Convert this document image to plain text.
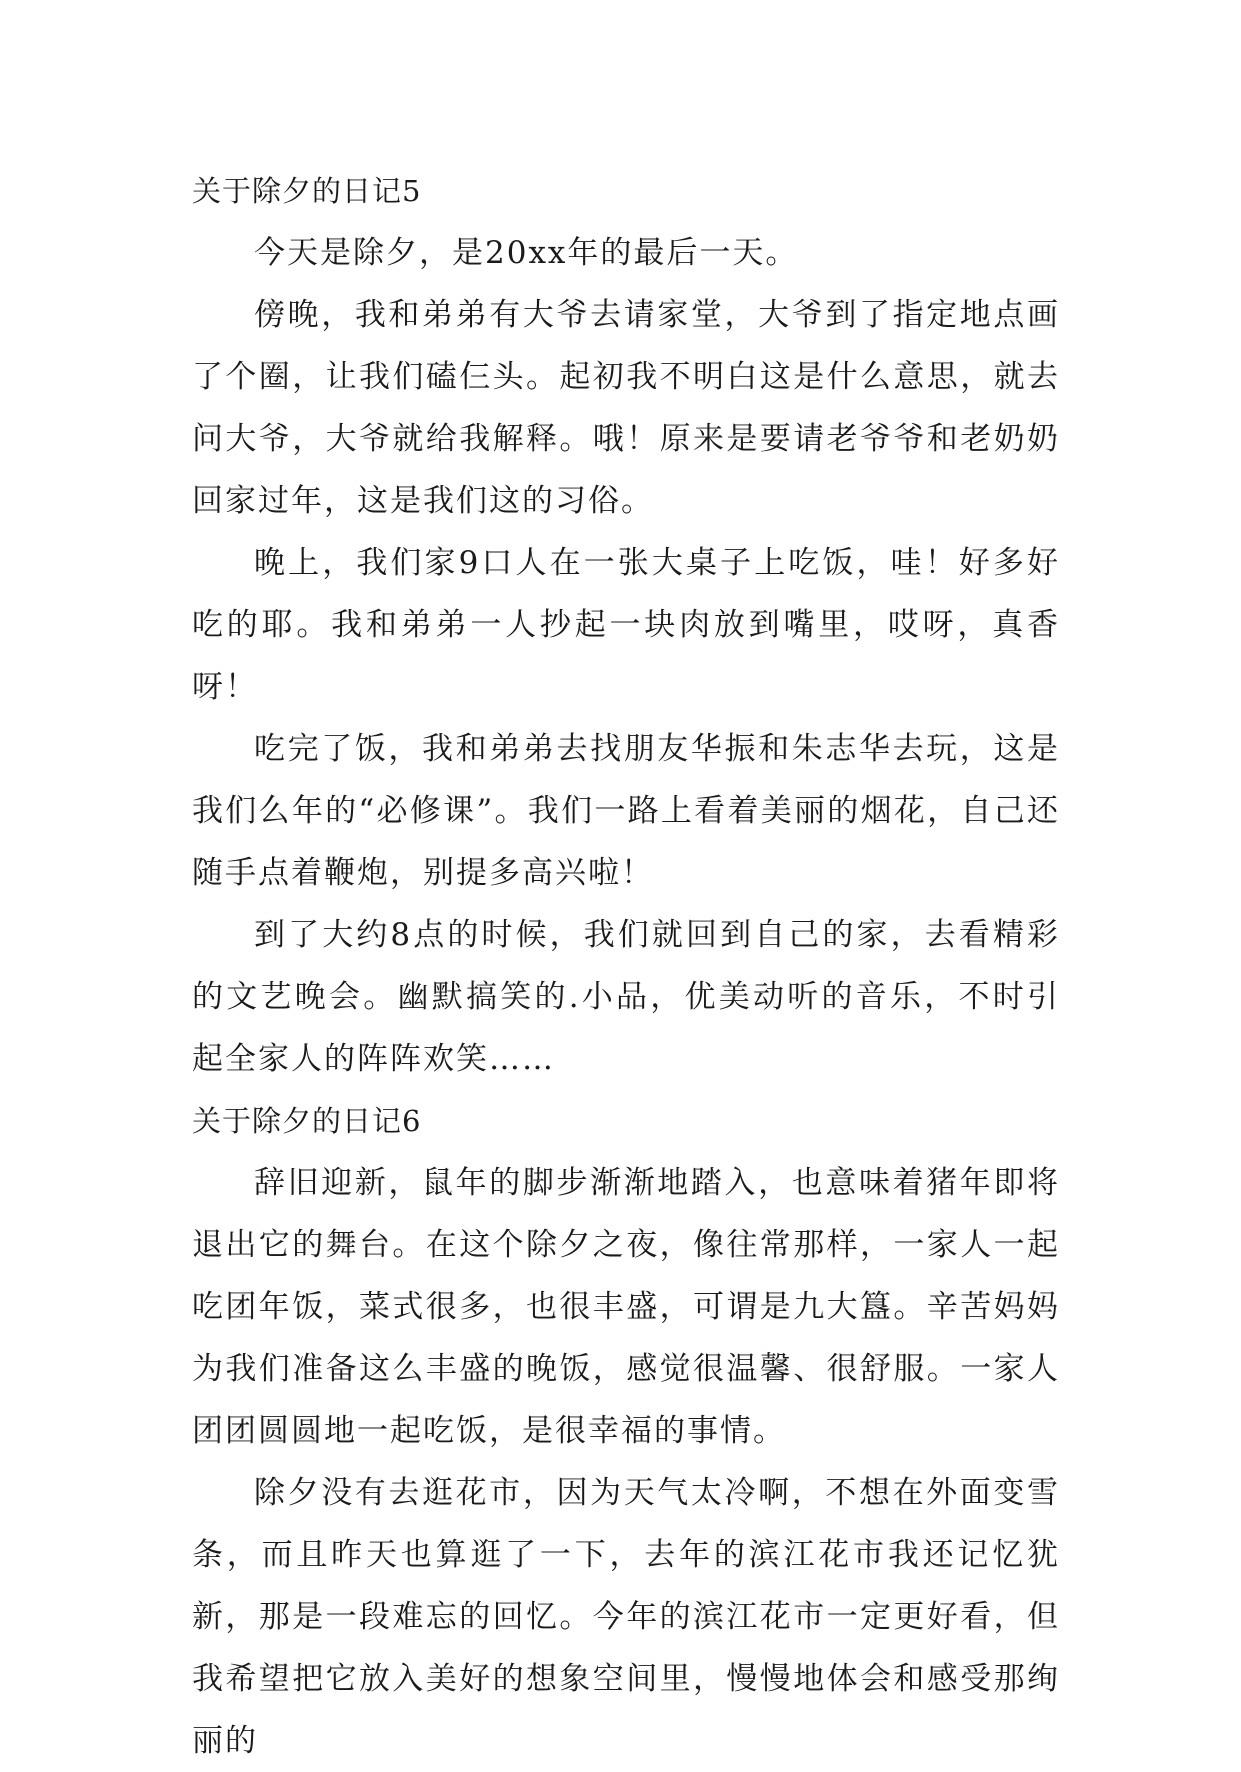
关于除夕的日记5

今天是除夕，是20xx年的最后一天。

傍晚，我和弟弟有大爷去请家堂，大爷到了指定地点画了个圈，让我们磕仨头。起初我不明白这是什么意思，就去问大爷，大爷就给我解释。哦！原来是要请老爷爷和老奶奶回家过年，这是我们这的习俗。

晚上，我们家9口人在一张大桌子上吃饭，哇！好多好吃的耶。我和弟弟一人抄起一块肉放到嘴里，哎呀，真香呀！

吃完了饭，我和弟弟去找朋友华振和朱志华去玩，这是我们么年的“必修课”。我们一路上看着美丽的烟花，自己还随手点着鞭炮，别提多高兴啦！

到了大约8点的时候，我们就回到自己的家，去看精彩的文艺晚会。幽默搞笑的.小品，优美动听的音乐，不时引起全家人的阵阵欢笑……

关于除夕的日记6

辞旧迎新，鼠年的脚步渐渐地踏入，也意味着猪年即将退出它的舞台。在这个除夕之夜，像往常那样，一家人一起吃团年饭，菜式很多，也很丰盛，可谓是九大簋。辛苦妈妈为我们准备这么丰盛的晚饭，感觉很温馨、很舒服。一家人团团圆圆地一起吃饭，是很幸福的事情。

除夕没有去逛花市，因为天气太冷啊，不想在外面变雪条，而且昨天也算逛了一下，去年的滨江花市我还记忆犹新，那是一段难忘的回忆。今年的滨江花市一定更好看，但我希望把它放入美好的想象空间里，慢慢地体会和感受那绚丽的
